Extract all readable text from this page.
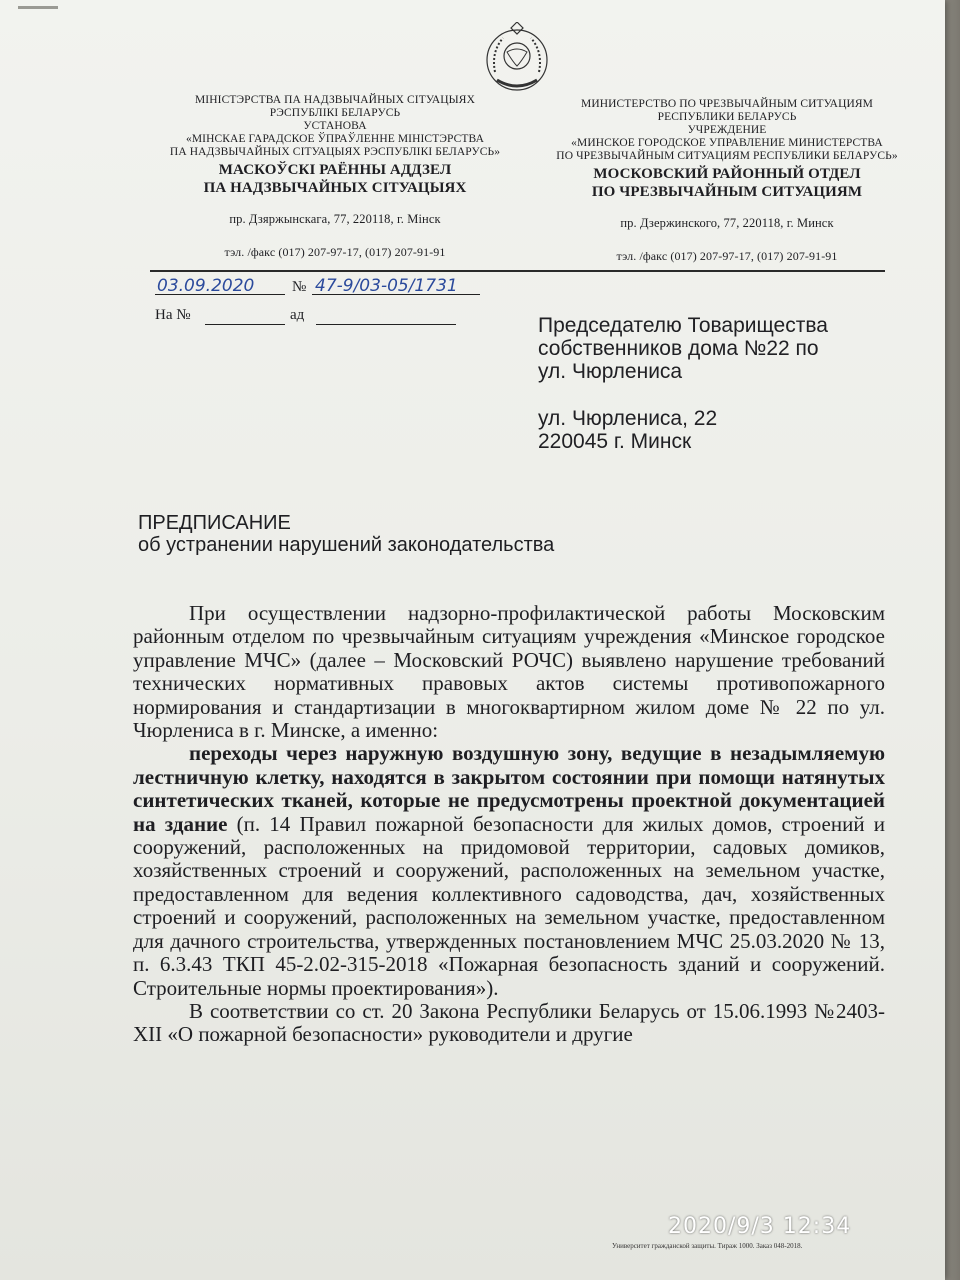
МІНІСТЭРСТВА ПА НАДЗВЫЧАЙНЫХ СІТУАЦЫЯХ
РЭСПУБЛІКІ БЕЛАРУСЬ
УСТАНОВА
«МІНСКАЕ ГАРАДСКОЕ ЎПРАЎЛЕННЕ МІНІСТЭРСТВА
ПА НАДЗВЫЧАЙНЫХ СІТУАЦЫЯХ РЭСПУБЛІКІ БЕЛАРУСЬ»
МАСКОЎСКІ РАЁННЫ АДДЗЕЛ
ПА НАДЗВЫЧАЙНЫХ СІТУАЦЫЯХ
пр. Дзяржынскага, 77, 220118, г. Мінск
тэл. /факс (017) 207-97-17, (017) 207-91-91
МИНИСТЕРСТВО ПО ЧРЕЗВЫЧАЙНЫМ СИТУАЦИЯМ
РЕСПУБЛИКИ БЕЛАРУСЬ
УЧРЕЖДЕНИЕ
«МИНСКОЕ ГОРОДСКОЕ УПРАВЛЕНИЕ МИНИСТЕРСТВА
ПО ЧРЕЗВЫЧАЙНЫМ СИТУАЦИЯМ РЕСПУБЛИКИ БЕЛАРУСЬ»
МОСКОВСКИЙ РАЙОННЫЙ ОТДЕЛ
ПО ЧРЕЗВЫЧАЙНЫМ СИТУАЦИЯМ
пр. Дзержинского, 77, 220118, г. Минск
тэл. /факс (017) 207-97-17, (017) 207-91-91
03.09.2020	№ 47-9/03-05/1731
На №	ад	Председателю Товарищества
собственников дома №22 по
ул. Чюрлениса
ул. Чюрлениса, 22
220045 г. Минск
ПРЕДПИСАНИЕ
об устранении нарушений законодательства

При осуществлении надзорно-профилактической работы Московским районным отделом по чрезвычайным ситуациям учреждения «Минское городское управление МЧС» (далее – Московский РОЧС) выявлено нарушение требований технических нормативных правовых актов системы противопожарного нормирования и стандартизации в многоквартирном жилом доме № 22 по ул. Чюрлениса в г. Минске, а именно:

переходы через наружную воздушную зону, ведущие в незадымляемую лестничную клетку, находятся в закрытом состоянии при помощи натянутых синтетических тканей, которые не предусмотрены проектной документацией на здание (п. 14 Правил пожарной безопасности для жилых домов, строений и сооружений, расположенных на придомовой территории, садовых домиков, хозяйственных строений и сооружений, расположенных на земельном участке, предоставленном для ведения коллективного садоводства, дач, хозяйственных строений и сооружений, расположенных на земельном участке, предоставленном для дачного строительства, утвержденных постановлением МЧС 25.03.2020 № 13, п. 6.3.43 ТКП 45-2.02-315-2018 «Пожарная безопасность зданий и сооружений. Строительные нормы проектирования»).

В соответствии со ст. 20 Закона Республики Беларусь от 15.06.1993 №2403-XII «О пожарной безопасности» руководители и другие

Университет гражданской защиты. Тираж 1000. Заказ 048-2018.
2020/9/3 12:34
